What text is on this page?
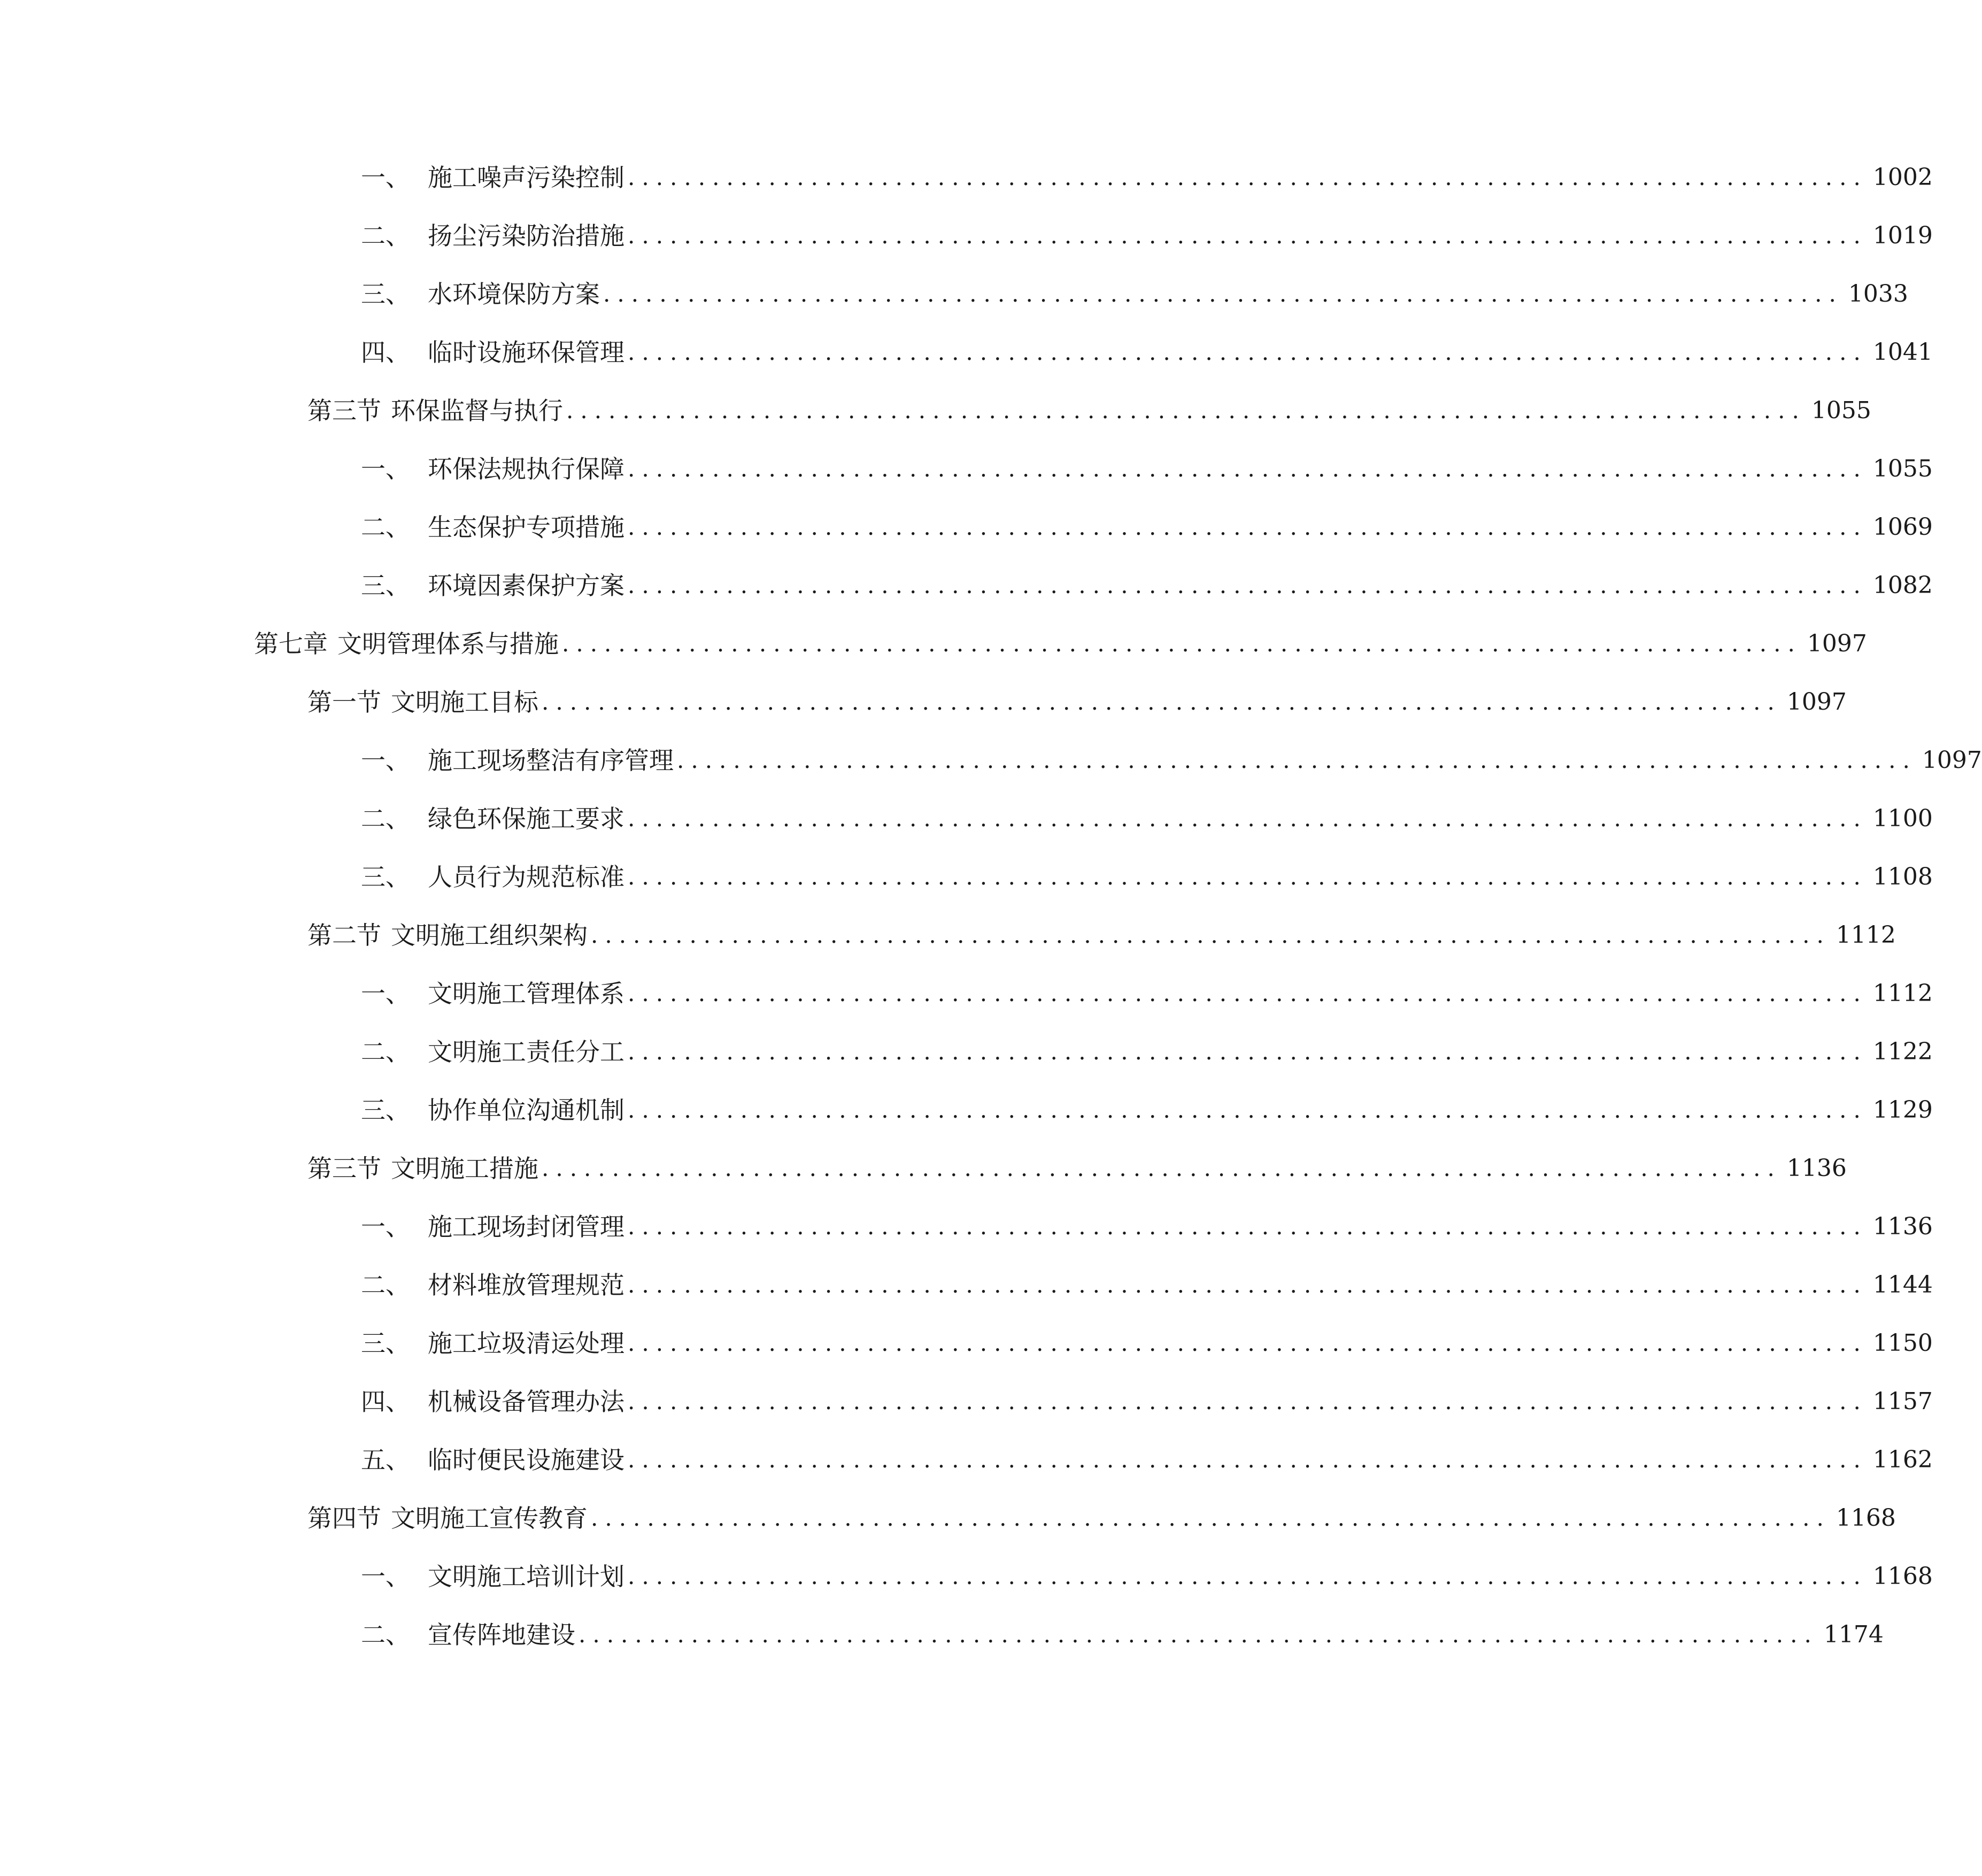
一、 施工噪声污染控制 ........................................................................................ 1002
二、 扬尘污染防治措施 ........................................................................................ 1019
三、 水环境保防方案 ........................................................................................ 1033
四、 临时设施环保管理 ........................................................................................ 1041
第三节 环保监督与执行 ........................................................................................ 1055
一、 环保法规执行保障 ........................................................................................ 1055
二、 生态保护专项措施 ........................................................................................ 1069
三、 环境因素保护方案 ........................................................................................ 1082
第七章 文明管理体系与措施 ........................................................................................ 1097
第一节 文明施工目标 ........................................................................................ 1097
一、 施工现场整洁有序管理 ........................................................................................ 1097
二、 绿色环保施工要求 ........................................................................................ 1100
三、 人员行为规范标准 ........................................................................................ 1108
第二节 文明施工组织架构 ........................................................................................ 1112
一、 文明施工管理体系 ........................................................................................ 1112
二、 文明施工责任分工 ........................................................................................ 1122
三、 协作单位沟通机制 ........................................................................................ 1129
第三节 文明施工措施 ........................................................................................ 1136
一、 施工现场封闭管理 ........................................................................................ 1136
二、 材料堆放管理规范 ........................................................................................ 1144
三、 施工垃圾清运处理 ........................................................................................ 1150
四、 机械设备管理办法 ........................................................................................ 1157
五、 临时便民设施建设 ........................................................................................ 1162
第四节 文明施工宣传教育 ........................................................................................ 1168
一、 文明施工培训计划 ........................................................................................ 1168
二、 宣传阵地建设 ........................................................................................ 1174
